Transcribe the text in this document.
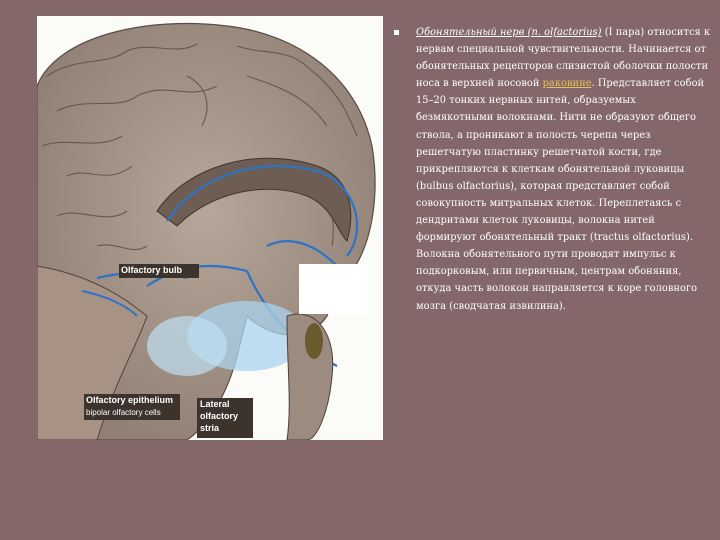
Olfactory bulb
Olfactory epithelium
bipolar olfactory cells
Lateral
olfactory
stria
Обонятельный нерв (n. olfactorius) (I пара) относится к нервам специальной чувствительности. Начинается от обонятельных рецепторов слизистой оболочки полости носа в верхней носовой раковине. Представляет собой 15–20 тонких нервных нитей, образуемых безмякотными волокнами. Нити не образуют общего ствола, а проникают в полость черепа через решетчатую пластинку решетчатой кости, где прикрепляются к клеткам обонятельной луковицы (bulbus olfactorius), которая представляет собой совокупность митральных клеток. Переплетаясь с дендритами клеток луковицы, волокна нитей формируют обонятельный тракт (tractus olfactorius). Волокна обонятельного пути проводят импульс к подкорковым, или первичным, центрам обоняния, откуда часть волокон направляется к коре головного мозга (сводчатая извилина).
